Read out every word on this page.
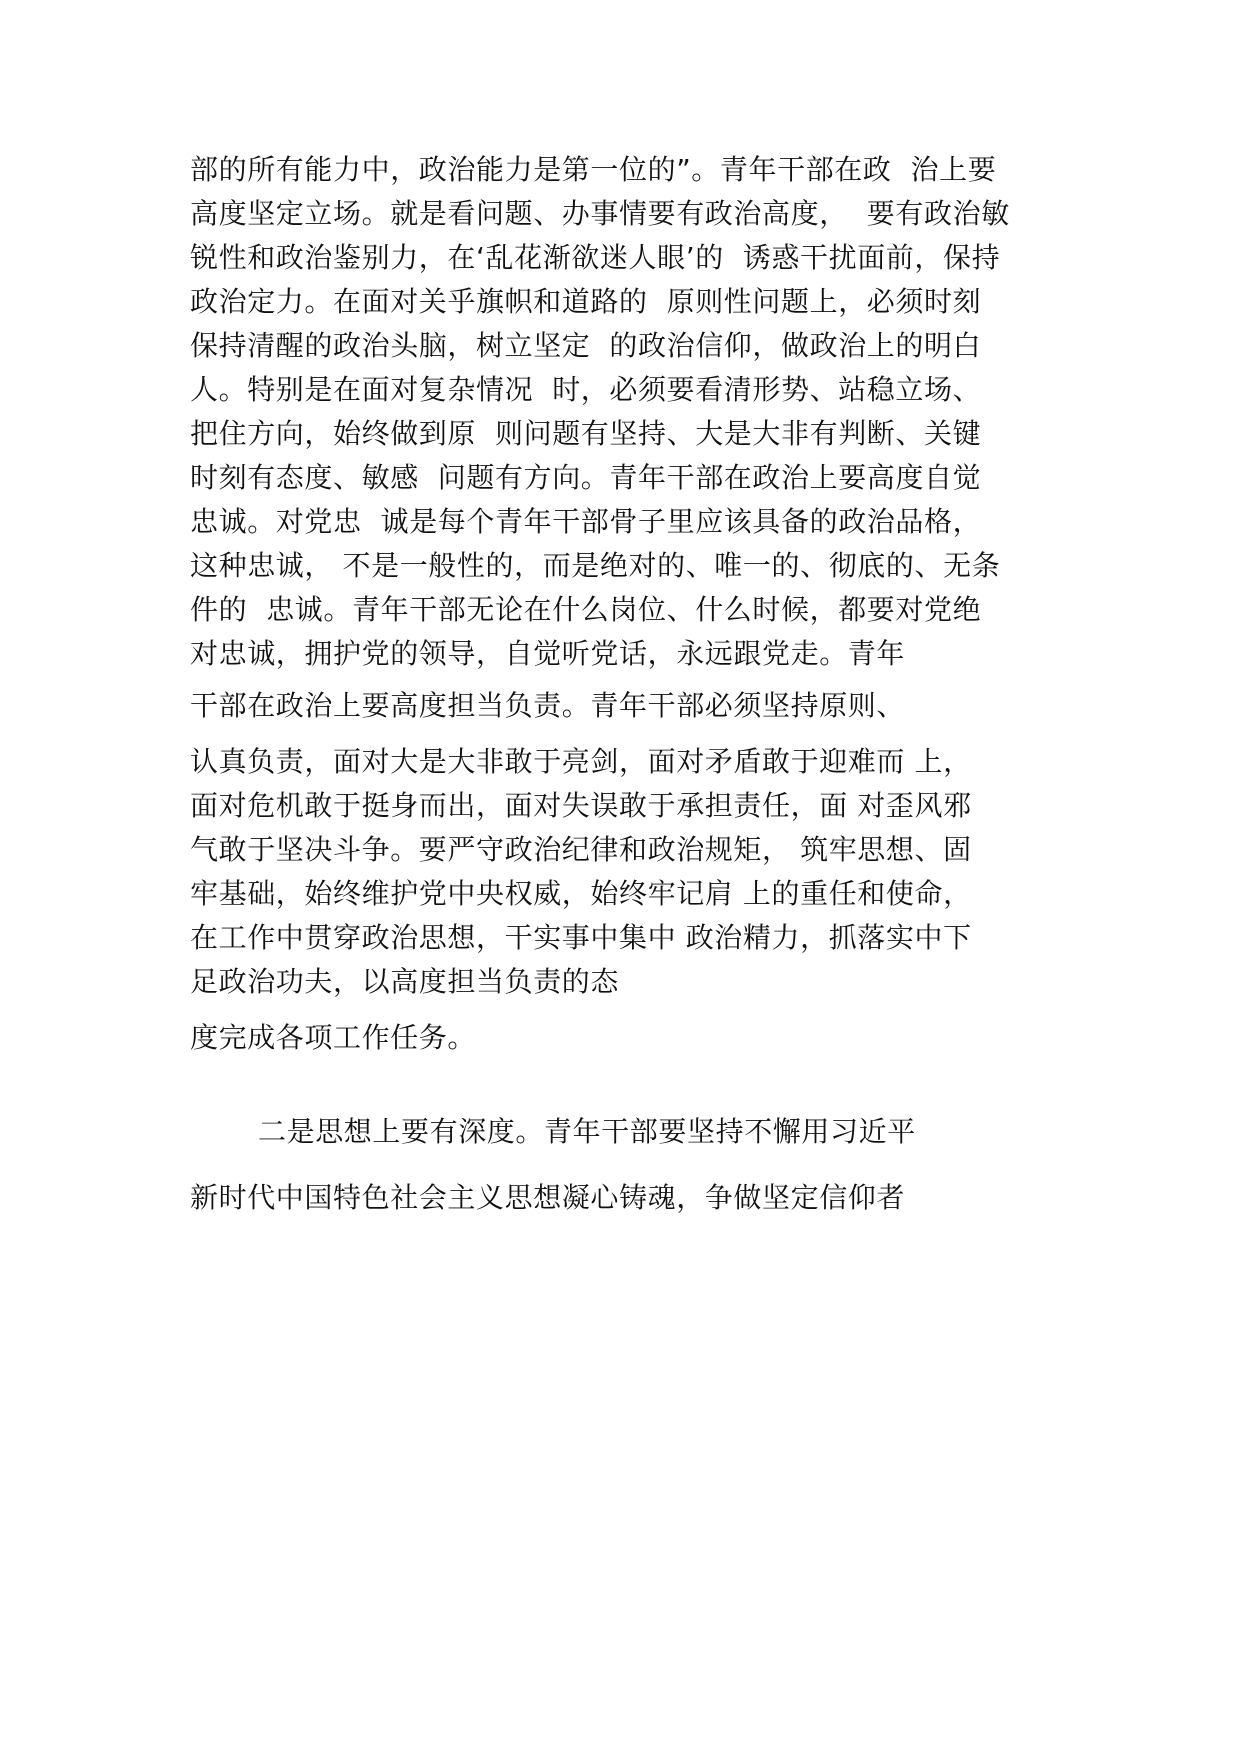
部的所有能力中，政治能力是第一位的”。青年干部在政  治上要

高度坚定立场。就是看问题、办事情要有政治高度，  要有政治敏

锐性和政治鉴别力，在‘乱花渐欲迷人眼’的  诱惑干扰面前，保持

政治定力。在面对关乎旗帜和道路的  原则性问题上，必须时刻

保持清醒的政治头脑，树立坚定  的政治信仰，做政治上的明白

人。特别是在面对复杂情况  时，必须要看清形势、站稳立场、

把住方向，始终做到原  则问题有坚持、大是大非有判断、关键

时刻有态度、敏感  问题有方向。青年干部在政治上要高度自觉

忠诚。对党忠  诚是每个青年干部骨子里应该具备的政治品格，

这种忠诚， 不是一般性的，而是绝对的、唯一的、彻底的、无条

件的  忠诚。青年干部无论在什么岗位、什么时候，都要对党绝

对忠诚，拥护党的领导，自觉听党话，永远跟党走。青年

干部在政治上要高度担当负责。青年干部必须坚持原则、

认真负责，面对大是大非敢于亮剑，面对矛盾敢于迎难而 上，

面对危机敢于挺身而出，面对失误敢于承担责任，面 对歪风邪

气敢于坚决斗争。要严守政治纪律和政治规矩， 筑牢思想、固

牢基础，始终维护党中央权威，始终牢记肩 上的重任和使命，

在工作中贯穿政治思想，干实事中集中 政治精力，抓落实中下

足政治功夫，以高度担当负责的态

度完成各项工作任务。

二是思想上要有深度。青年干部要坚持不懈用习近平

新时代中国特色社会主义思想凝心铸魂，争做坚定信仰者
